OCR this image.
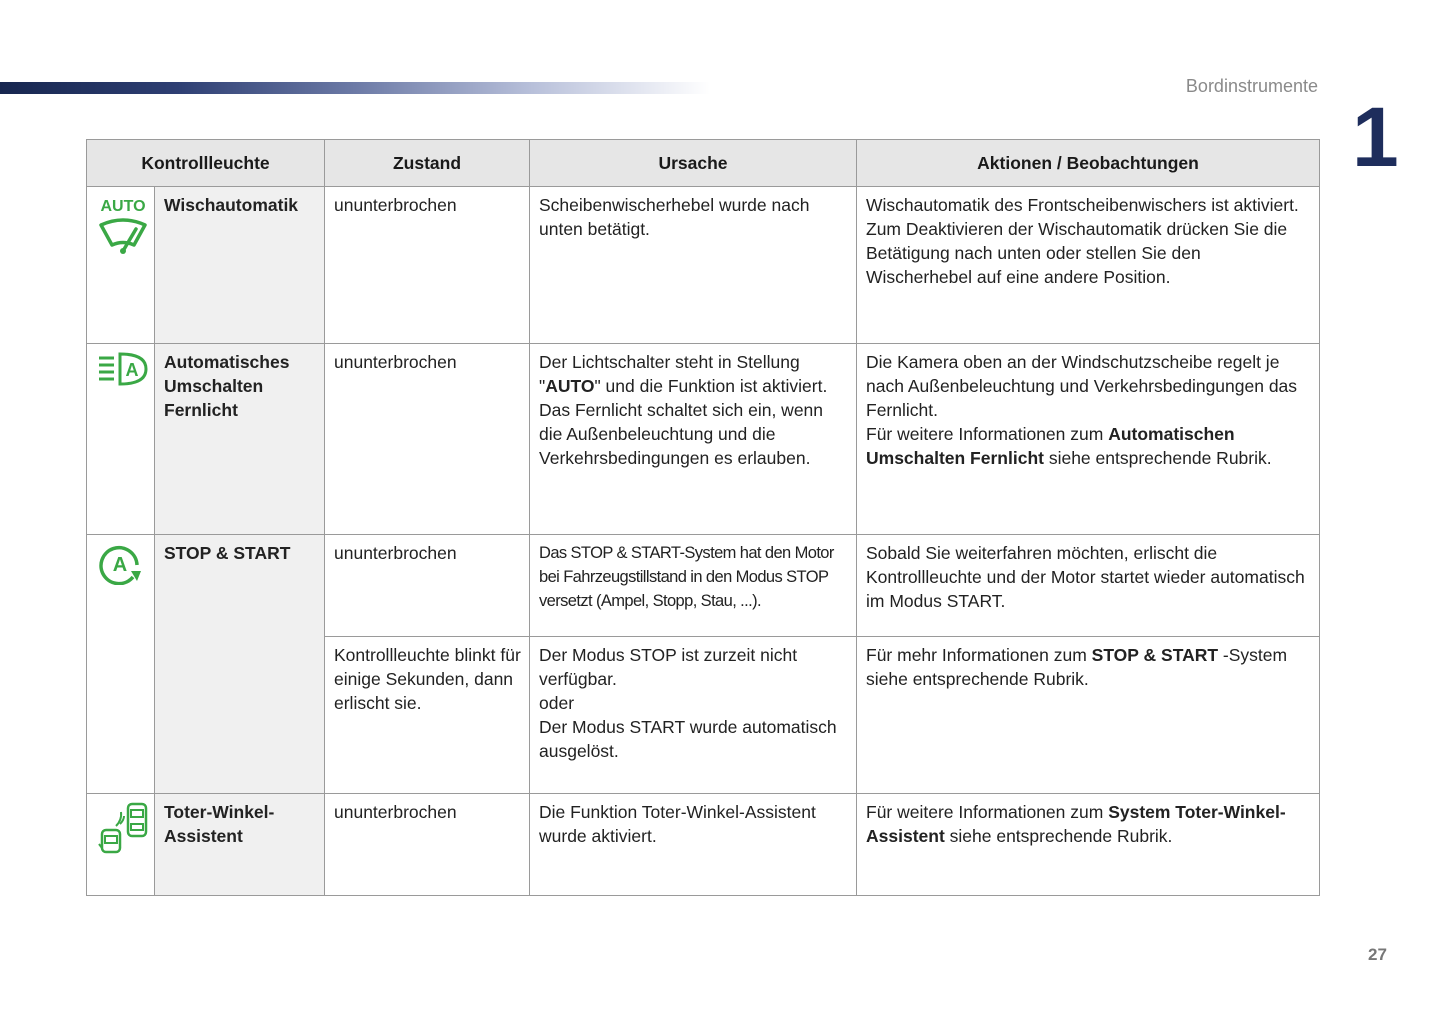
Bordinstrumente
1
Kontrollleuchte		Zustand	Ursache	Aktionen / Beobachtungen

AUTO	Wischautomatik	ununterbrochen	Scheibenwischerhebel wurde nach unten betätigt.	Wischautomatik des Frontscheibenwischers ist aktiviert.
Zum Deaktivieren der Wischautomatik drücken Sie die Betätigung nach unten oder stellen Sie den Wischerhebel auf eine andere Position.

A	Automatisches Umschalten Fernlicht	ununterbrochen	Der Lichtschalter steht in Stellung "AUTO" und die Funktion ist aktiviert.
Das Fernlicht schaltet sich ein, wenn die Außenbeleuchtung und die Verkehrsbedingungen es erlauben.	Die Kamera oben an der Windschutzscheibe regelt je nach Außenbeleuchtung und Verkehrsbedingungen das Fernlicht.
Für weitere Informationen zum Automatischen Umschalten Fernlicht siehe entsprechende Rubrik.

A	STOP & START	ununterbrochen	Das STOP & START-System hat den Motor bei Fahrzeugstillstand in den Modus STOP versetzt (Ampel, Stopp, Stau, ...).	Sobald Sie weiterfahren möchten, erlischt die Kontrollleuchte und der Motor startet wieder automatisch im Modus START.
		Kontrollleuchte blinkt für einige Sekunden, dann erlischt sie.	Der Modus STOP ist zurzeit nicht verfügbar.
oder
Der Modus START wurde automatisch ausgelöst.	Für mehr Informationen zum STOP & START -System siehe entsprechende Rubrik.

	Toter-Winkel-Assistent	ununterbrochen	Die Funktion Toter-Winkel-Assistent wurde aktiviert.	Für weitere Informationen zum System Toter-Winkel-Assistent siehe entsprechende Rubrik.
27
